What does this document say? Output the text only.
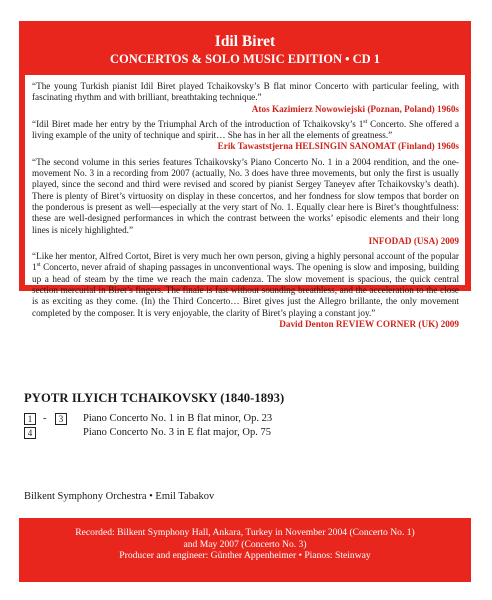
Idil Biret
CONCERTOS & SOLO MUSIC EDITION • CD 1

“The young Turkish pianist Idil Biret played Tchaikovsky’s B flat minor Concerto with particular feeling, with fascinating rhythm and with brilliant, breathtaking technique.”

Atos Kazimierz Nowowiejski (Poznan, Poland) 1960s

“Idil Biret made her entry by the Triumphal Arch of the introduction of Tchaikovsky’s 1st Concerto. She offered a living example of the unity of technique and spirit… She has in her all the elements of greatness.”
Erik Tawaststjerna HELSINGIN SANOMAT (Finland) 1960s

“The second volume in this series features Tchaikovsky’s Piano Concerto No. 1 in a 2004 rendition, and the one-movement No. 3 in a recording from 2007 (actually, No. 3 does have three movements, but only the first is usually played, since the second and third were revised and scored by pianist Sergey Taneyev after Tchaikovsky’s death). There is plenty of Biret’s virtuosity on display in these concertos, and her fondness for slow tempos that border on the ponderous is present as well—especially at the very start of No. 1. Equally clear here is Biret’s thoughtfulness: these are well-designed performances in which the contrast between the works’ episodic elements and their long lines is nicely highlighted.”

INFODAD (USA) 2009

“Like her mentor, Alfred Cortot, Biret is very much her own person, giving a highly personal account of the popular 1st Concerto, never afraid of shaping passages in unconventional ways. The opening is slow and imposing, building up a head of steam by the time we reach the main cadenza. The slow movement is spacious, the quick central section mercurial in Biret’s fingers. The finale is fast without sounding breathless, and the acceleration to the close is as exciting as they come. (In) the Third Concerto… Biret gives just the Allegro brillante, the only movement completed by the composer. It is very enjoyable, the clarity of Biret’s playing a constant joy.”
David Denton REVIEW CORNER (UK) 2009

PYOTR ILYICH TCHAIKOVSKY (1840-1893)
1	-	3	Piano Concerto No. 1 in B flat minor, Op. 23
4	Piano Concerto No. 3 in E flat major, Op. 75
Bilkent Symphony Orchestra • Emil Tabakov
Recorded: Bilkent Symphony Hall, Ankara, Turkey in November 2004 (Concerto No. 1)
and May 2007 (Concerto No. 3)
Producer and engineer: Günther Appenheimer • Pianos: Steinway
